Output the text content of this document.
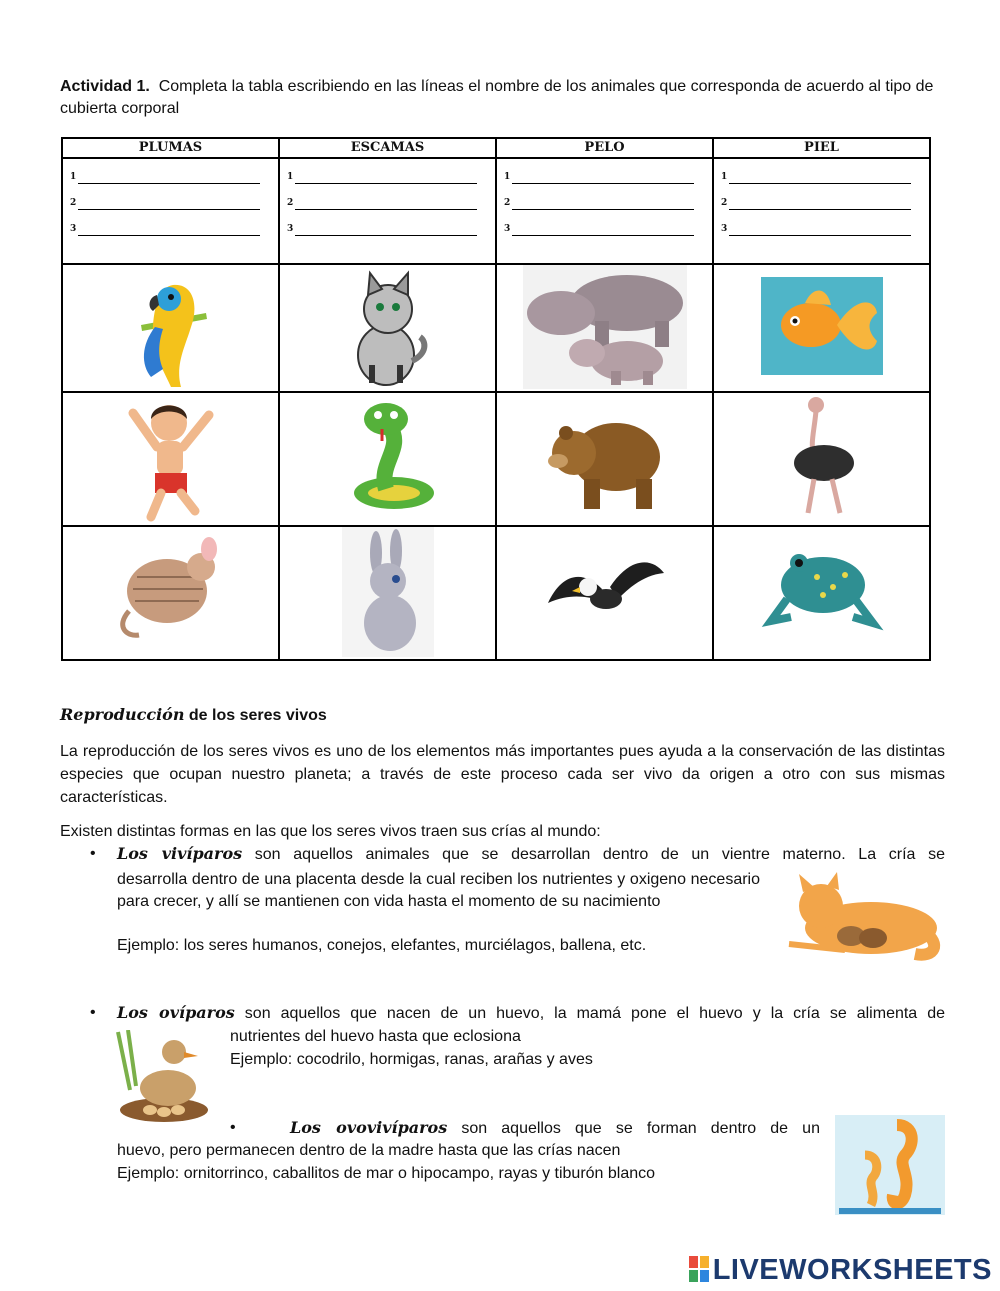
Actividad 1. Completa la tabla escribiendo en las líneas el nombre de los animales que corresponda de acuerdo al tipo de cubierta corporal
PLUMAS	ESCAMAS	PELO	PIEL

1
2
3	1
2
3	1
2
3	1
2
3

Reproducción de los seres vivos
La reproducción de los seres vivos es uno de los elementos más importantes pues ayuda a la conservación de las distintas especies que ocupan nuestro planeta; a través de este proceso cada ser vivo da origen a otro con sus mismas características.
Existen distintas formas en las que los seres vivos traen sus crías al mundo:
• Los vivíparos son aquellos animales que se desarrollan dentro de un vientre materno. La cría se
desarrolla dentro de una placenta desde la cual reciben los nutrientes y oxigeno necesario para crecer, y allí se mantienen con vida hasta el momento de su nacimiento
Ejemplo: los seres humanos, conejos, elefantes, murciélagos, ballena, etc.
• Los ovíparos son aquellos que nacen de un huevo, la mamá pone el huevo y la cría se alimenta de
nutrientes del huevo hasta que eclosiona
Ejemplo: cocodrilo, hormigas, ranas, arañas y aves
•	Los ovovivíparos son aquellos que se forman dentro de un
huevo, pero permanecen dentro de la madre hasta que las crías nacen
Ejemplo: ornitorrinco, caballitos de mar o hipocampo, rayas y tiburón blanco
LIVEWORKSHEETS
